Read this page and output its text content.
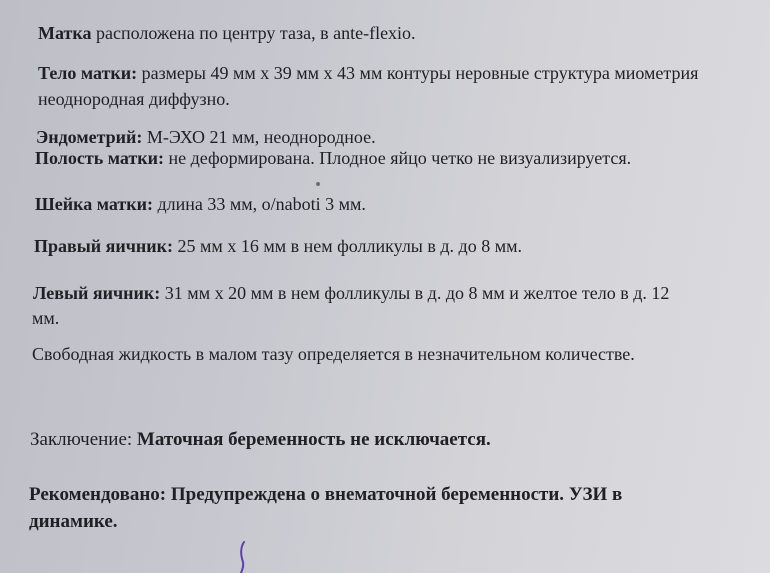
Матка расположена по центру таза, в ante-flexio.
Тело матки: размеры 49 мм х 39 мм х 43 мм контуры неровные структура миометрия
неоднородная диффузно.
Эндометрий: М-ЭХО 21 мм, неоднородное.
Полость матки: не деформирована. Плодное яйцо четко не визуализируется.
Шейка матки: длина 33 мм, о/naboti 3 мм.
Правый яичник: 25 мм х 16 мм в нем фолликулы в д. до 8 мм.
Левый яичник: 31 мм х 20 мм в нем фолликулы в д. до 8 мм и желтое тело в д. 12
мм.
Свободная жидкость в малом тазу определяется в незначительном количестве.
Заключение: Маточная беременность не исключается.
Рекомендовано: Предупреждена о внематочной беременности. УЗИ в
динамике.
